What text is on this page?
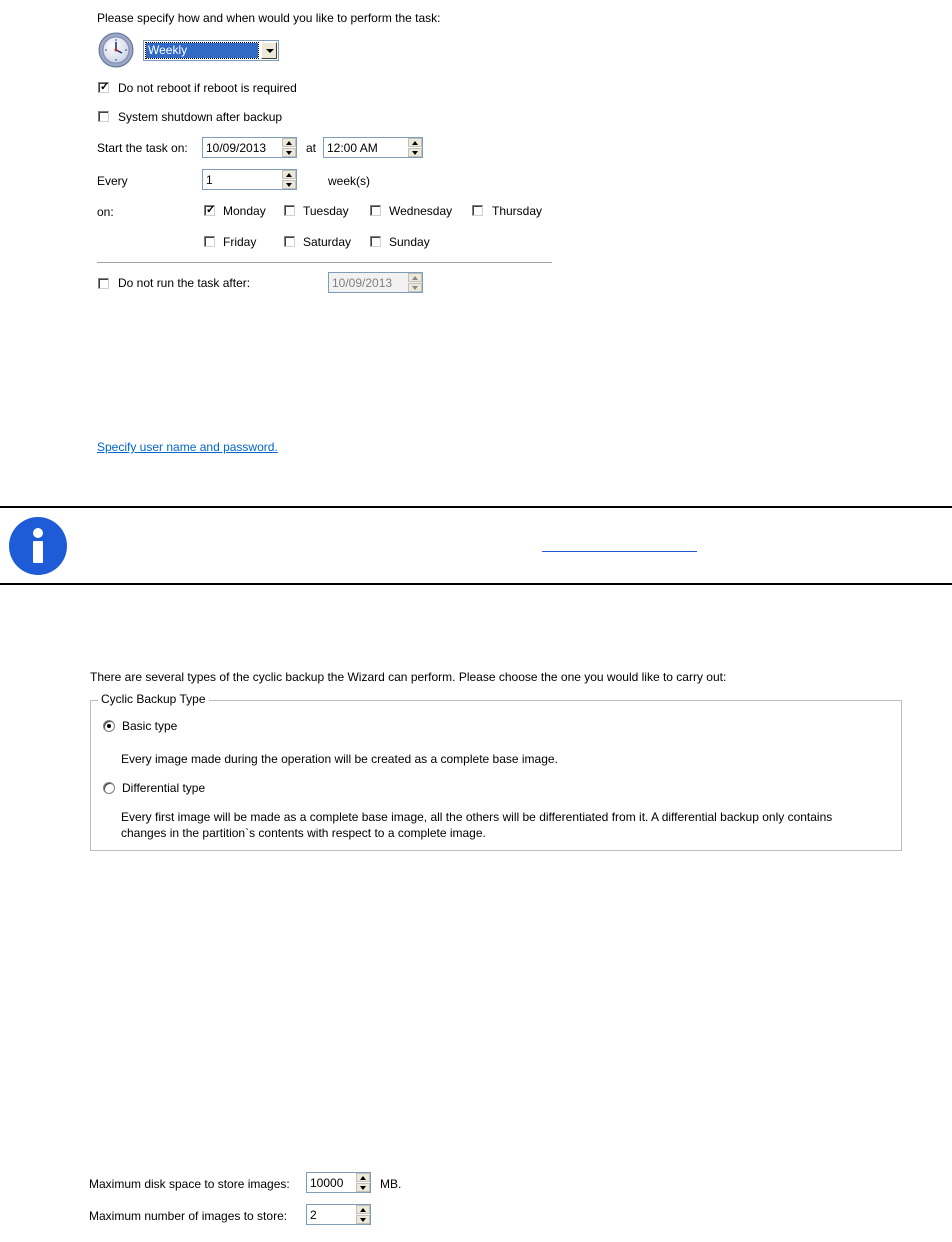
Please specify how and when would you like to perform the task:
Weekly
✓ Do not reboot if reboot is required
System shutdown after backup
Start the task on: 10/09/2013	at 12:00 AM
Every	1	week(s)
on:	✓ Monday	Tuesday	Wednesday	Thursday
Friday	Saturday	Sunday
Do not run the task after:	10/09/2013
Specify user name and password.
There are several types of the cyclic backup the Wizard can perform. Please choose the one you would like to carry out:
Cyclic Backup Type
Basic type
Every image made during the operation will be created as a complete base image.
Differential type
Every first image will be made as a complete base image, all the others will be differentiated from it. A differential backup only contains
changes in the partition`s contents with respect to a complete image.
Maximum disk space to store images: 10000	MB.
Maximum number of images to store: 2
